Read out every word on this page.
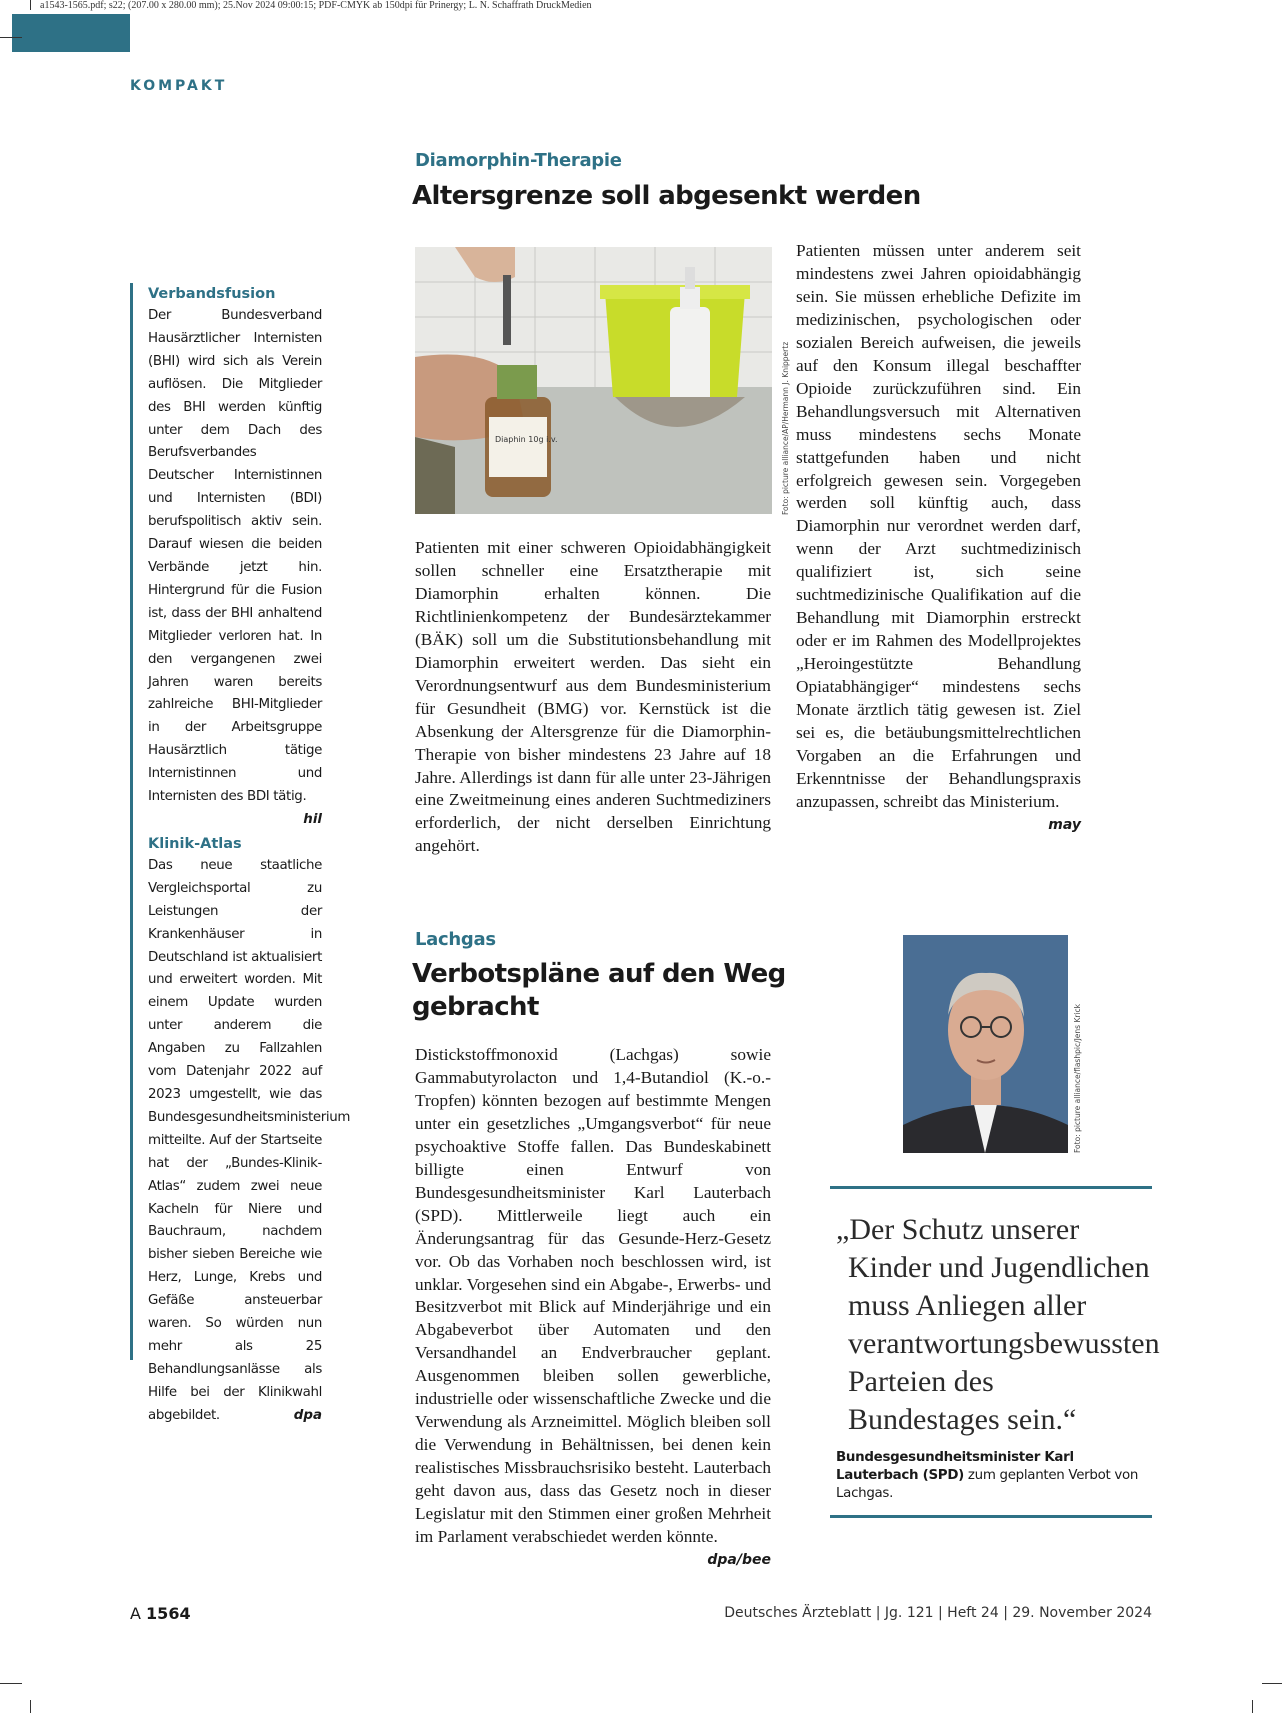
a1543-1565.pdf; s22; (207.00 x 280.00 mm); 25.Nov 2024 09:00:15; PDF-CMYK ab 150dpi für Prinergy; L. N. Schaffrath DruckMedien
KOMPAKT

Verbandsfusion

Der Bundesverband Hausärztlicher Internisten (BHI) wird sich als Verein auflösen. Die Mitglieder des BHI werden künftig unter dem Dach des Berufsverbandes Deutscher Internistinnen und Internisten (BDI) berufspolitisch aktiv sein. Darauf wiesen die beiden Verbände jetzt hin. Hintergrund für die Fusion ist, dass der BHI anhaltend Mitglieder verloren hat. In den vergangenen zwei Jahren waren bereits zahlreiche BHI-Mitglieder in der Arbeitsgruppe Hausärztlich tätige Internistinnen und Internisten des BDI tätig.
hil

Klinik-Atlas

Das neue staatliche Vergleichsportal zu Leistungen der Krankenhäuser in Deutschland ist aktualisiert und erweitert worden. Mit einem Update wurden unter anderem die Angaben zu Fallzahlen vom Datenjahr 2022 auf 2023 umgestellt, wie das Bundesgesundheitsministerium mitteilte. Auf der Startseite hat der „Bundes-Klinik-Atlas“ zudem zwei neue Kacheln für Niere und Bauchraum, nachdem bisher sieben Bereiche wie Herz, Lunge, Krebs und Gefäße ansteuerbar waren. So würden nun mehr als 25 Behandlungsanlässe als Hilfe bei der Klinikwahl abgebildet.	dpa

Diamorphin-Therapie
Altersgrenze soll abgesenkt werden
Diaphin 10g i.v.	Foto: picture alliance/AP/Hermann J. Knippertz

Patienten mit einer schweren Opioidabhängigkeit sollen schneller eine Ersatztherapie mit Diamorphin erhalten können. Die Richtlinienkompetenz der Bundesärztekammer (BÄK) soll um die Substitutionsbehandlung mit Diamorphin erweitert werden. Das sieht ein Verordnungsentwurf aus dem Bundesministerium für Gesundheit (BMG) vor. Kernstück ist die Absenkung der Altersgrenze für die Diamorphin-Therapie von bisher mindestens 23 Jahre auf 18 Jahre. Allerdings ist dann für alle unter 23-Jährigen eine Zweitmeinung eines anderen Suchtmediziners erforderlich, der nicht derselben Einrichtung angehört.

Patienten müssen unter anderem seit mindestens zwei Jahren opioidabhängig sein. Sie müssen erhebliche Defizite im medizinischen, psychologischen oder sozialen Bereich aufweisen, die jeweils auf den Konsum illegal beschaffter Opioide zurückzuführen sind. Ein Behandlungsversuch mit Alternativen muss mindestens sechs Monate stattgefunden haben und nicht erfolgreich gewesen sein. Vorgegeben werden soll künftig auch, dass Diamorphin nur verordnet werden darf, wenn der Arzt suchtmedizinisch qualifiziert ist, sich seine suchtmedizinische Qualifikation auf die Behandlung mit Diamorphin erstreckt oder er im Rahmen des Modellprojektes „Heroingestützte Behandlung Opiatabhängiger“ mindestens sechs Monate ärztlich tätig gewesen ist. Ziel sei es, die betäubungsmittelrechtlichen Vorgaben an die Erfahrungen und Erkenntnisse der Behandlungspraxis anzupassen, schreibt das Ministerium.
may

Lachgas
Verbotspläne auf den Weg
gebracht

Distickstoffmonoxid (Lachgas) sowie Gammabutyrolacton und 1,4-Butandiol (K.-o.-Tropfen) könnten bezogen auf bestimmte Mengen unter ein gesetzliches „Umgangsverbot“ für neue psychoaktive Stoffe fallen. Das Bundeskabinett billigte einen Entwurf von Bundesgesundheitsminister Karl Lauterbach (SPD). Mittlerweile liegt auch ein Änderungsantrag für das Gesunde-Herz-Gesetz vor. Ob das Vorhaben noch beschlossen wird, ist unklar. Vorgesehen sind ein Abgabe-, Erwerbs- und Besitzverbot mit Blick auf Minderjährige und ein Abgabeverbot über Automaten und den Versandhandel an Endverbraucher geplant. Ausgenommen bleiben sollen gewerbliche, industrielle oder wissenschaftliche Zwecke und die Verwendung als Arzneimittel. Möglich bleiben soll die Verwendung in Behältnissen, bei denen kein realistisches Missbrauchsrisiko besteht. Lauterbach geht davon aus, dass das Gesetz noch in dieser Legislatur mit den Stimmen einer großen Mehrheit im Parlament verabschiedet werden könnte.
dpa/bee

Foto: picture alliance/flashpic/Jens Krick

„Der Schutz unserer Kinder und Jugendlichen muss Anliegen aller verantwortungsbewussten Parteien des Bundestages sein.“

Bundesgesundheitsminister Karl Lauterbach (SPD) zum geplanten Verbot von Lachgas.

A 1564	Deutsches Ärzteblatt | Jg. 121 | Heft 24 | 29. November 2024
